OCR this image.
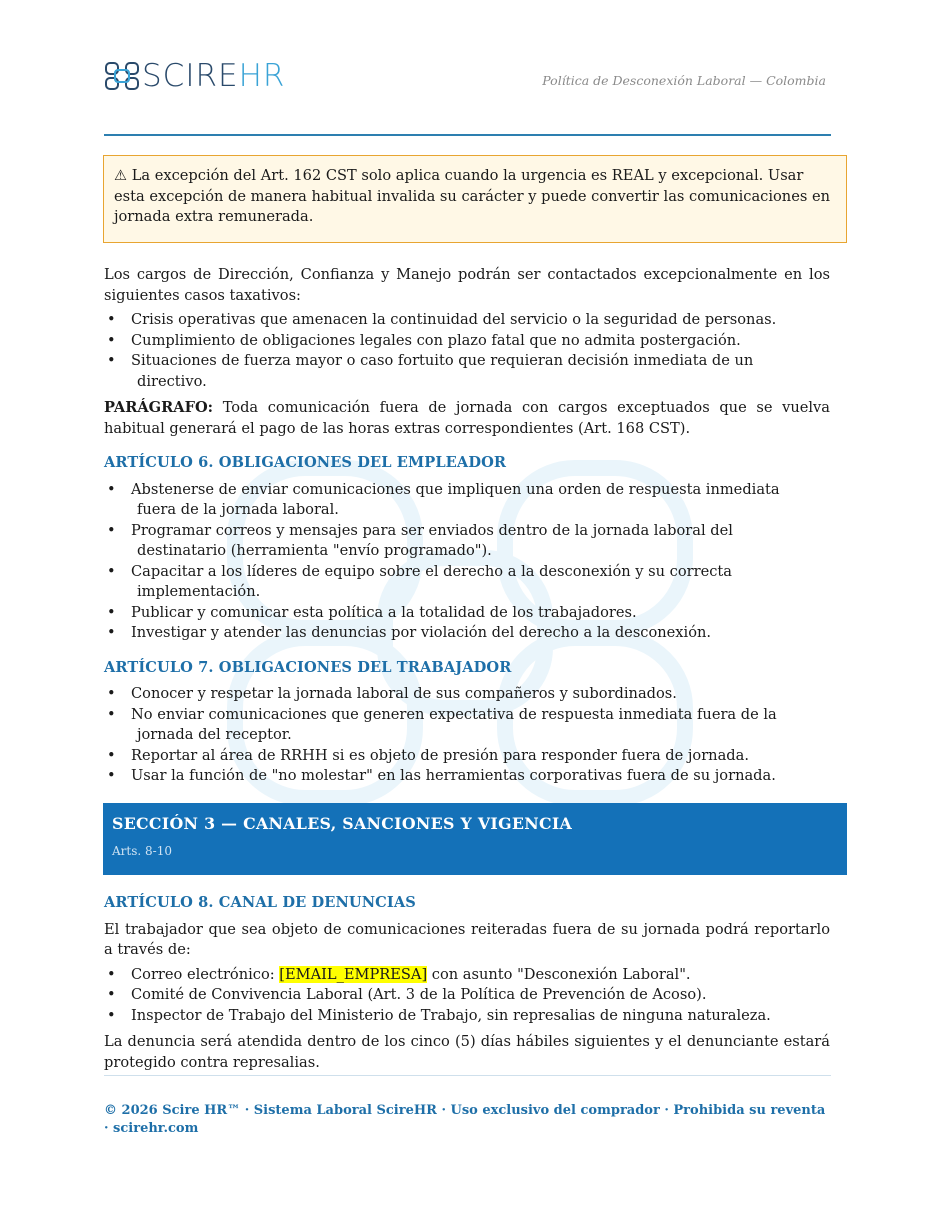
SCIREHR	Política de Desconexión Laboral — Colombia
⚠ La excepción del Art. 162 CST solo aplica cuando la urgencia es REAL y excepcional. Usar esta excepción de manera habitual invalida su carácter y puede convertir las comunicaciones en jornada extra remunerada.

Los cargos de Dirección, Confianza y Manejo podrán ser contactados excepcionalmente en los siguientes casos taxativos:

• Crisis operativas que amenacen la continuidad del servicio o la seguridad de personas.
• Cumplimiento de obligaciones legales con plazo fatal que no admita postergación.
• Situaciones de fuerza mayor o caso fortuito que requieran decisión inmediata de un
directivo.

PARÁGRAFO: Toda comunicación fuera de jornada con cargos exceptuados que se vuelva habitual generará el pago de las horas extras correspondientes (Art. 168 CST).

ARTÍCULO 6. OBLIGACIONES DEL EMPLEADOR
• Abstenerse de enviar comunicaciones que impliquen una orden de respuesta inmediata
fuera de la jornada laboral.
• Programar correos y mensajes para ser enviados dentro de la jornada laboral del
destinatario (herramienta "envío programado").
• Capacitar a los líderes de equipo sobre el derecho a la desconexión y su correcta
implementación.
• Publicar y comunicar esta política a la totalidad de los trabajadores.
• Investigar y atender las denuncias por violación del derecho a la desconexión.
ARTÍCULO 7. OBLIGACIONES DEL TRABAJADOR
• Conocer y respetar la jornada laboral de sus compañeros y subordinados.
• No enviar comunicaciones que generen expectativa de respuesta inmediata fuera de la
jornada del receptor.
• Reportar al área de RRHH si es objeto de presión para responder fuera de jornada.
• Usar la función de "no molestar" en las herramientas corporativas fuera de su jornada.
SECCIÓN 3 — CANALES, SANCIONES Y VIGENCIA
Arts. 8-10
ARTÍCULO 8. CANAL DE DENUNCIAS

El trabajador que sea objeto de comunicaciones reiteradas fuera de su jornada podrá reportarlo a través de:

• Correo electrónico: [EMAIL_EMPRESA] con asunto "Desconexión Laboral".
• Comité de Convivencia Laboral (Art. 3 de la Política de Prevención de Acoso).
• Inspector de Trabajo del Ministerio de Trabajo, sin represalias de ninguna naturaleza.

La denuncia será atendida dentro de los cinco (5) días hábiles siguientes y el denunciante estará protegido contra represalias.

© 2026 Scire HR™ · Sistema Laboral ScireHR · Uso exclusivo del comprador · Prohibida su reventa · scirehr.com
